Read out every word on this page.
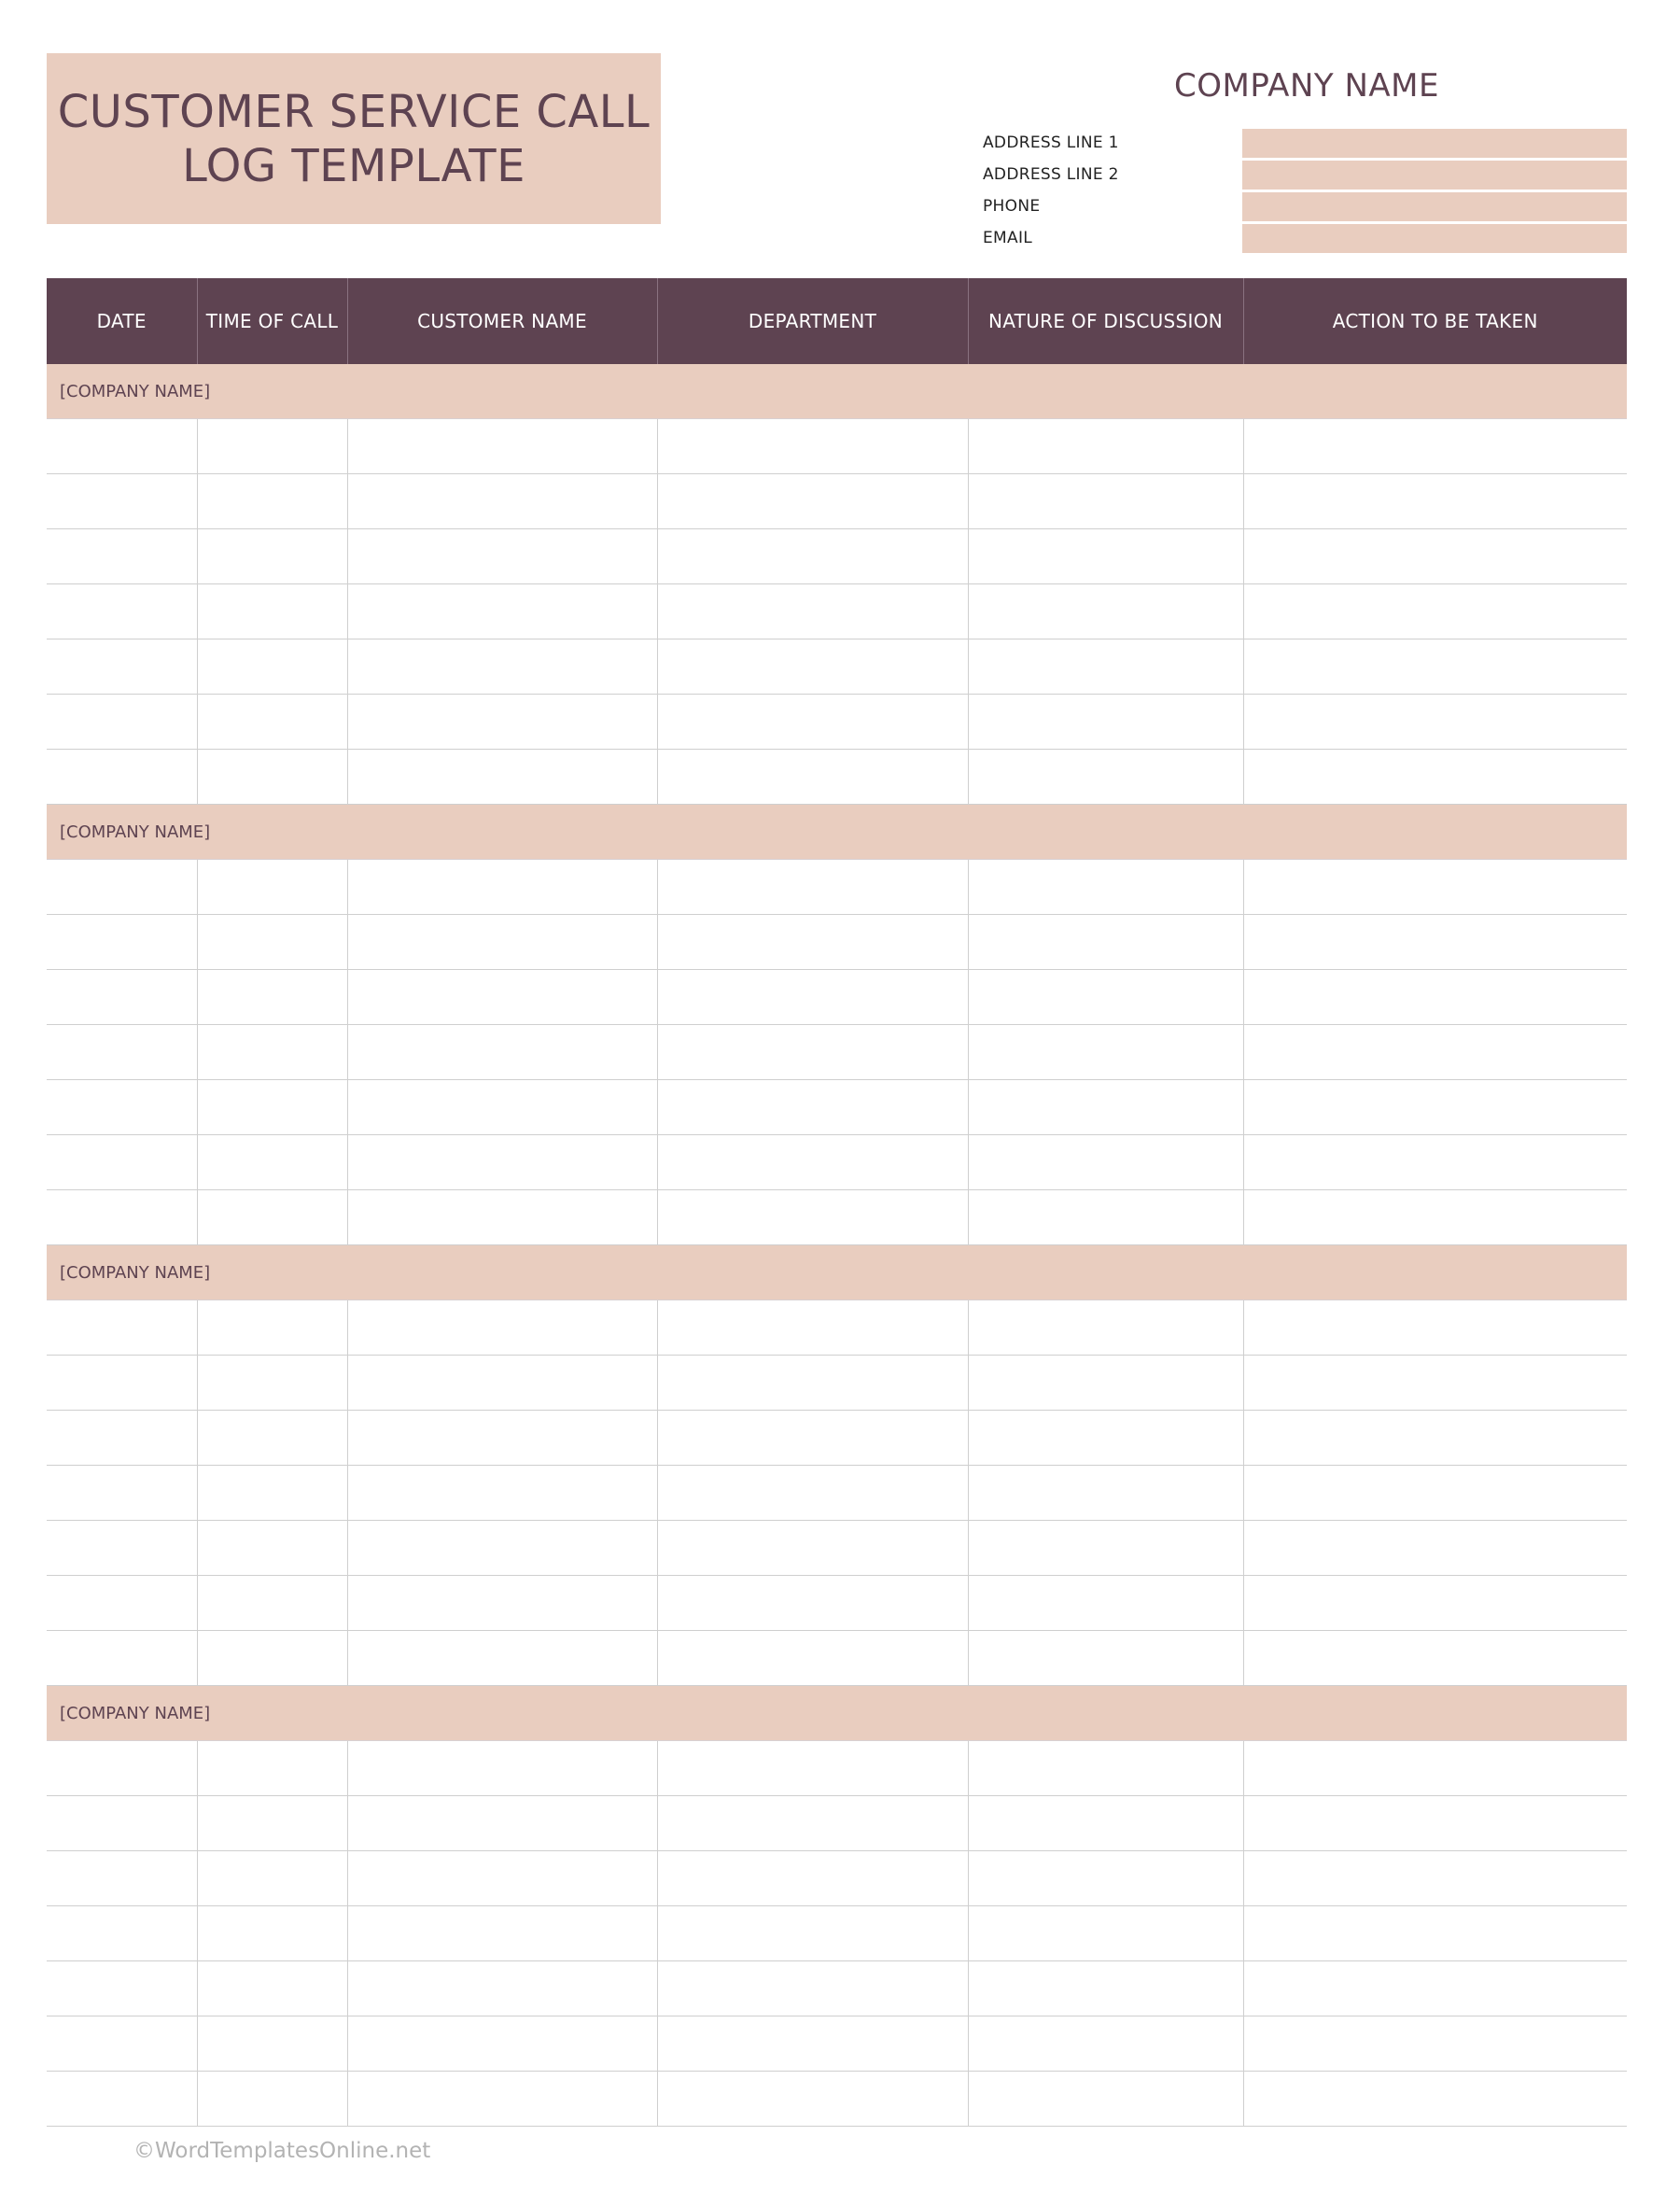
CUSTOMER SERVICE CALL LOG TEMPLATE
COMPANY NAME
ADDRESS LINE 1
ADDRESS LINE 2
PHONE
EMAIL
DATE	TIME OF CALL	CUSTOMER NAME	DEPARTMENT	NATURE OF DISCUSSION	ACTION TO BE TAKEN
[COMPANY NAME]					

[COMPANY NAME]					

[COMPANY NAME]					

[COMPANY NAME]					

©WordTemplatesOnline.net
